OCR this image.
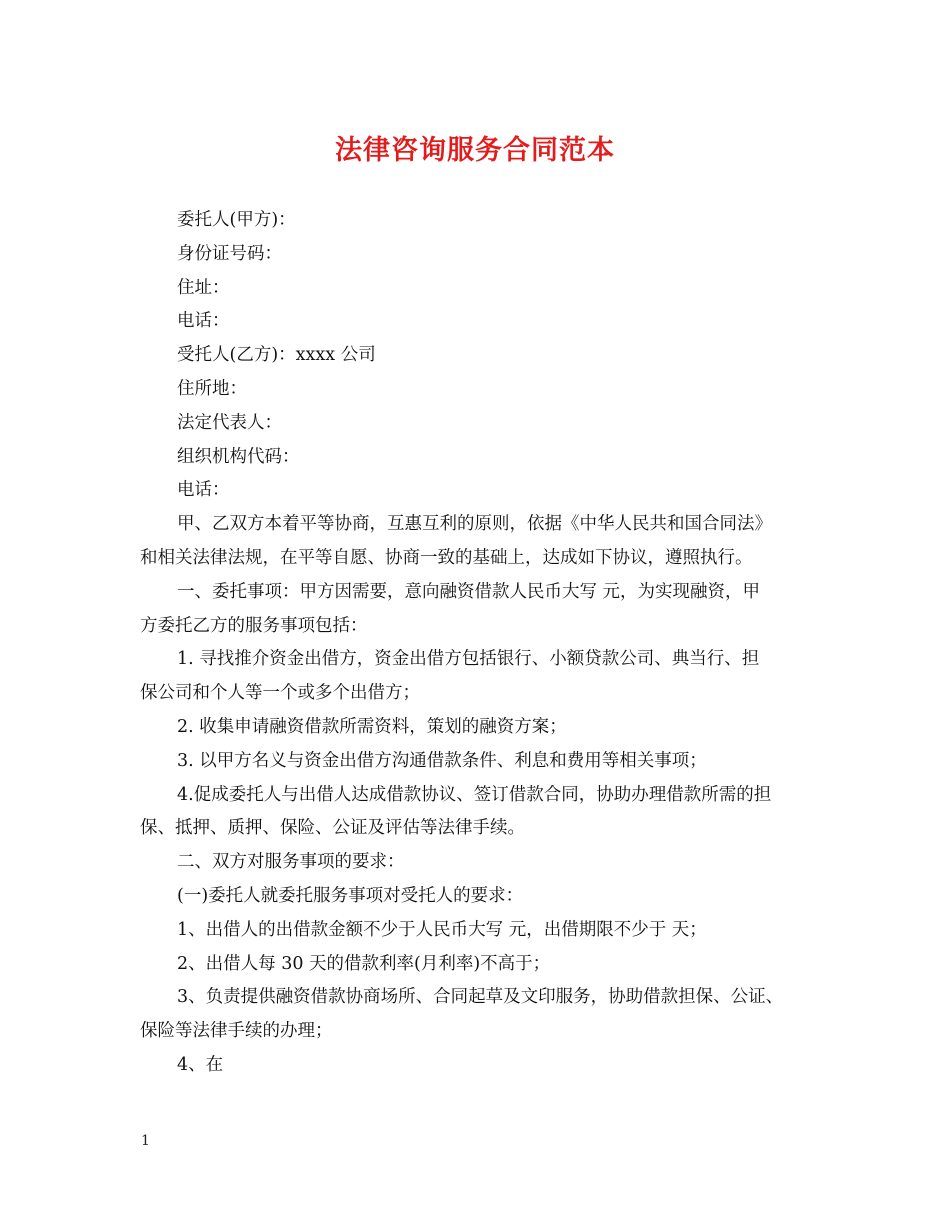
法律咨询服务合同范本
委托人(甲方)：
身份证号码：
住址：
电话：
受托人(乙方)：xxxx 公司
住所地：
法定代表人：
组织机构代码：
电话：
甲、乙双方本着平等协商，互惠互利的原则，依据《中华人民共和国合同法》
和相关法律法规，在平等自愿、协商一致的基础上，达成如下协议，遵照执行。
一、委托事项：甲方因需要，意向融资借款人民币大写 元，为实现融资，甲
方委托乙方的服务事项包括：
1. 寻找推介资金出借方，资金出借方包括银行、小额贷款公司、典当行、担
保公司和个人等一个或多个出借方；
2. 收集申请融资借款所需资料，策划的融资方案；
3. 以甲方名义与资金出借方沟通借款条件、利息和费用等相关事项；
4.促成委托人与出借人达成借款协议、签订借款合同，协助办理借款所需的担
保、抵押、质押、保险、公证及评估等法律手续。
二、双方对服务事项的要求：
(一)委托人就委托服务事项对受托人的要求：
1、出借人的出借款金额不少于人民币大写 元，出借期限不少于 天；
2、出借人每 30 天的借款利率(月利率)不高于；
3、负责提供融资借款协商场所、合同起草及文印服务，协助借款担保、公证、
保险等法律手续的办理；
4、在
1
